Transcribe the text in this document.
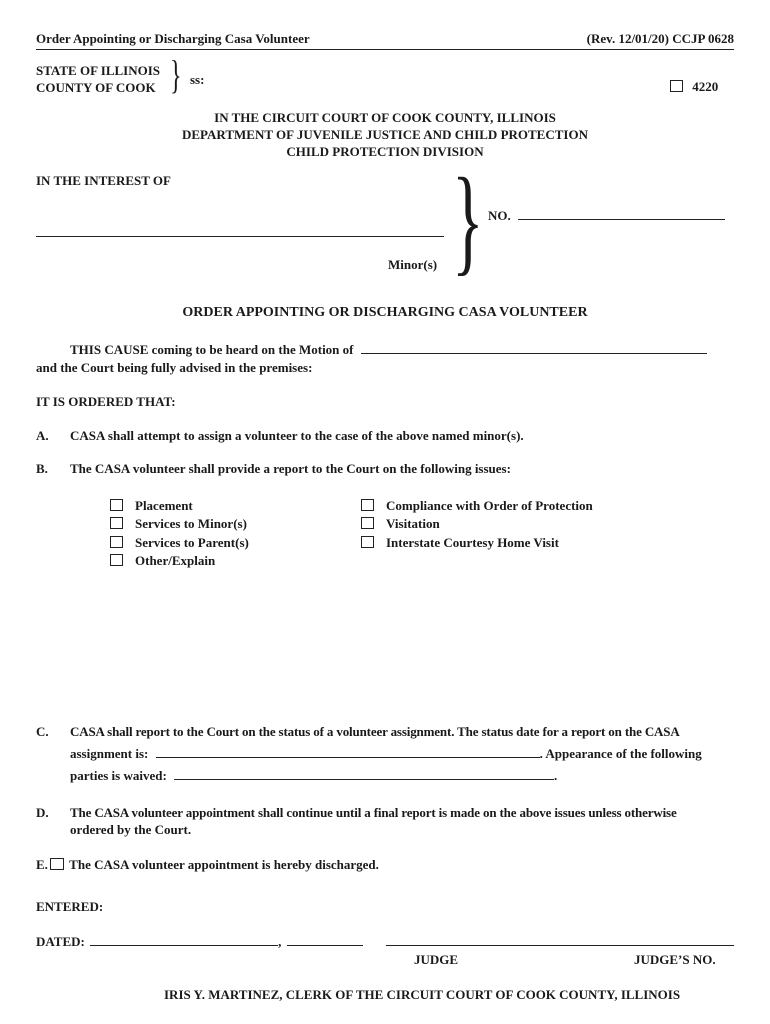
Order Appointing or Discharging Casa Volunteer	(Rev. 12/01/20) CCJP 0628
STATE OF ILLINOIS
COUNTY OF COOK } ss:	4220
IN THE CIRCUIT COURT OF COOK COUNTY, ILLINOIS
DEPARTMENT OF JUVENILE JUSTICE AND CHILD PROTECTION
CHILD PROTECTION DIVISION
IN THE INTEREST OF
Minor(s) } NO.
ORDER APPOINTING OR DISCHARGING CASA VOLUNTEER
THIS CAUSE coming to be heard on the Motion of
and the Court being fully advised in the premises:
IT IS ORDERED THAT:
A. CASA shall attempt to assign a volunteer to the case of the above named minor(s).
B. The CASA volunteer shall provide a report to the Court on the following issues:
Placement
Services to Minor(s)
Services to Parent(s)
Other/Explain
Compliance with Order of Protection
Visitation
Interstate Courtesy Home Visit
C. CASA shall report to the Court on the status of a volunteer assignment. The status date for a report on the CASA
assignment is:	. Appearance of the following
parties is waived:	.
D. The CASA volunteer appointment shall continue until a final report is made on the above issues unless otherwise
ordered by the Court.
E. The CASA volunteer appointment is hereby discharged.
ENTERED:
DATED:	,
JUDGE	JUDGE’S NO.
IRIS Y. MARTINEZ, CLERK OF THE CIRCUIT COURT OF COOK COUNTY, ILLINOIS
